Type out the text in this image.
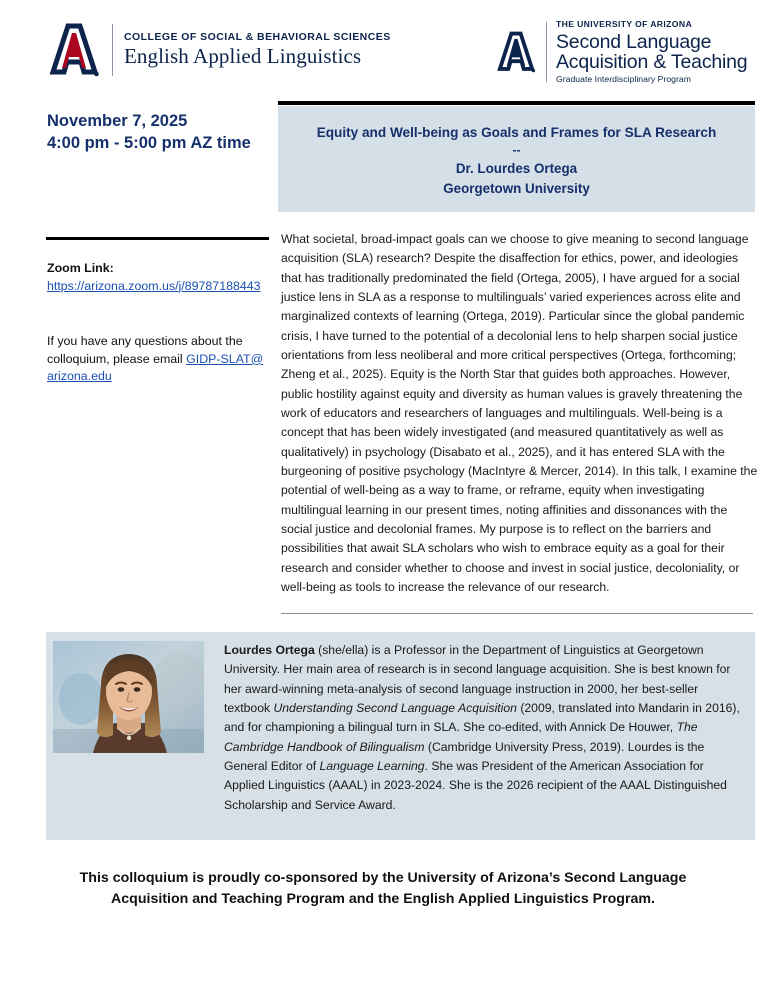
COLLEGE OF SOCIAL & BEHAVIORAL SCIENCES
English Applied Linguistics
THE UNIVERSITY OF ARIZONA
Second Language
Acquisition & Teaching
Graduate Interdisciplinary Program
November 7, 2025
4:00 pm - 5:00 pm AZ time
Equity and Well-being as Goals and Frames for SLA Research
--
Dr. Lourdes Ortega
Georgetown University
Zoom Link:
https://arizona.zoom.us/j/89787188443
If you have any questions about the colloquium, please email GIDP-SLAT@arizona.edu
What societal, broad-impact goals can we choose to give meaning to second language acquisition (SLA) research? Despite the disaffection for ethics, power, and ideologies that has traditionally predominated the field (Ortega, 2005), I have argued for a social justice lens in SLA as a response to multilinguals’ varied experiences across elite and marginalized contexts of learning (Ortega, 2019). Particular since the global pandemic crisis, I have turned to the potential of a decolonial lens to help sharpen social justice orientations from less neoliberal and more critical perspectives (Ortega, forthcoming; Zheng et al., 2025). Equity is the North Star that guides both approaches. However, public hostility against equity and diversity as human values is gravely threatening the work of educators and researchers of languages and multilinguals. Well-being is a concept that has been widely investigated (and measured quantitatively as well as qualitatively) in psychology (Disabato et al., 2025), and it has entered SLA with the burgeoning of positive psychology (MacIntyre & Mercer, 2014). In this talk, I examine the potential of well-being as a way to frame, or reframe, equity when investigating multilingual learning in our present times, noting affinities and dissonances with the social justice and decolonial frames. My purpose is to reflect on the barriers and possibilities that await SLA scholars who wish to embrace equity as a goal for their research and consider whether to choose and invest in social justice, decoloniality, or well-being as tools to increase the relevance of our research.
Lourdes Ortega (she/ella) is a Professor in the Department of Linguistics at Georgetown University. Her main area of research is in second language acquisition. She is best known for her award-winning meta-analysis of second language instruction in 2000, her best-seller textbook Understanding Second Language Acquisition (2009, translated into Mandarin in 2016), and for championing a bilingual turn in SLA. She co-edited, with Annick De Houwer, The Cambridge Handbook of Bilingualism (Cambridge University Press, 2019). Lourdes is the General Editor of Language Learning. She was President of the American Association for Applied Linguistics (AAAL) in 2023-2024. She is the 2026 recipient of the AAAL Distinguished Scholarship and Service Award.
This colloquium is proudly co-sponsored by the University of Arizona’s Second Language Acquisition and Teaching Program and the English Applied Linguistics Program.
